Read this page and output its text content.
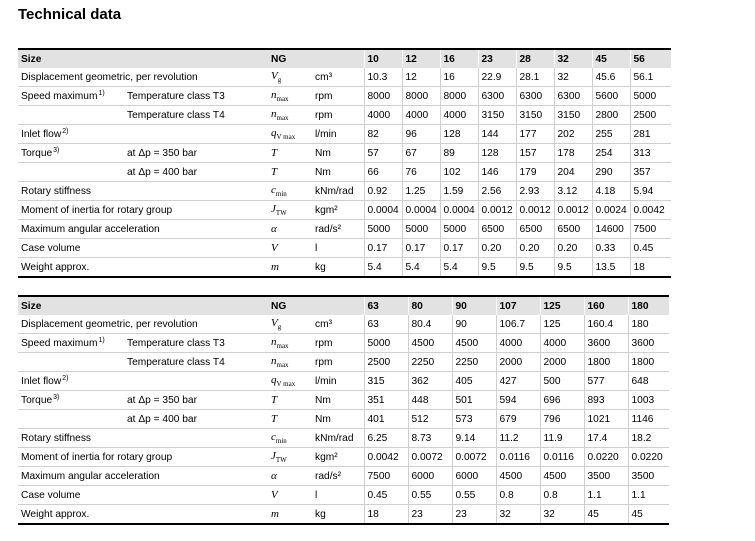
Technical data
Size		NG		10	12	16	23	28	32	45	56
Displacement geometric, per revolution		$V_g$	cm³	10.3	12	16	22.9	28.1	32	45.6	56.1
Speed maximum$^{1)}$	Temperature class T3	$n_{max}$	rpm	8000	8000	8000	6300	6300	6300	5600	5000
	Temperature class T4	$n_{max}$	rpm	4000	4000	4000	3150	3150	3150	2800	2500
Inlet flow$^{2)}$		$q_{V max}$	l/min	82	96	128	144	177	202	255	281
Torque$^{3)}$	at Δp = 350 bar	T	Nm	57	67	89	128	157	178	254	313
	at Δp = 400 bar	T	Nm	66	76	102	146	179	204	290	357
Rotary stiffness		$c_{min}$	kNm/rad	0.92	1.25	1.59	2.56	2.93	3.12	4.18	5.94
Moment of inertia for rotary group		$J_{TW}$	kgm²	0.0004	0.0004	0.0004	0.0012	0.0012	0.0012	0.0024	0.0042
Maximum angular acceleration		α	rad/s²	5000	5000	5000	6500	6500	6500	14600	7500
Case volume		V	l	0.17	0.17	0.17	0.20	0.20	0.20	0.33	0.45
Weight approx.		m	kg	5.4	5.4	5.4	9.5	9.5	9.5	13.5	18
Size		NG		63	80	90	107	125	160	180
Displacement geometric, per revolution		$V_g$	cm³	63	80.4	90	106.7	125	160.4	180
Speed maximum$^{1)}$	Temperature class T3	$n_{max}$	rpm	5000	4500	4500	4000	4000	3600	3600
	Temperature class T4	$n_{max}$	rpm	2500	2250	2250	2000	2000	1800	1800
Inlet flow$^{2)}$		$q_{V max}$	l/min	315	362	405	427	500	577	648
Torque$^{3)}$	at Δp = 350 bar	T	Nm	351	448	501	594	696	893	1003
	at Δp = 400 bar	T	Nm	401	512	573	679	796	1021	1146
Rotary stiffness		$c_{min}$	kNm/rad	6.25	8.73	9.14	11.2	11.9	17.4	18.2
Moment of inertia for rotary group		$J_{TW}$	kgm²	0.0042	0.0072	0.0072	0.0116	0.0116	0.0220	0.0220
Maximum angular acceleration		α	rad/s²	7500	6000	6000	4500	4500	3500	3500
Case volume		V	l	0.45	0.55	0.55	0.8	0.8	1.1	1.1
Weight approx.		m	kg	18	23	23	32	32	45	45
